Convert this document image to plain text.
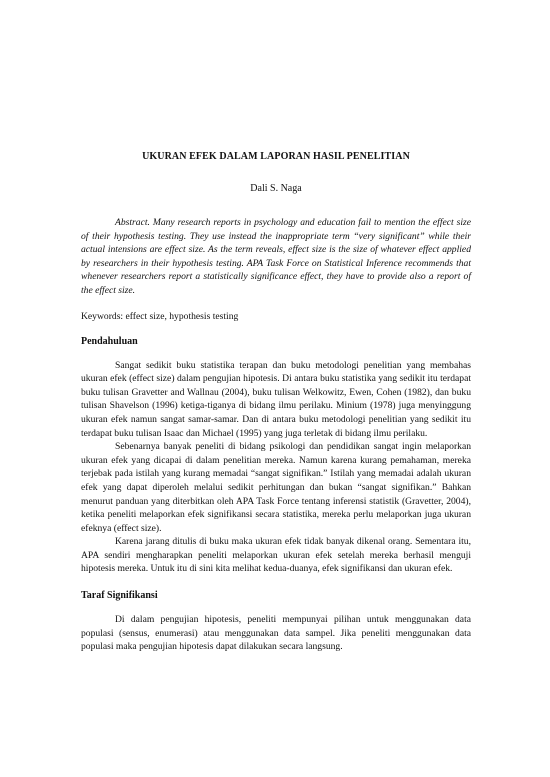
UKURAN EFEK DALAM LAPORAN HASIL PENELITIAN

Dali S. Naga

Abstract. Many research reports in psychology and education fail to mention the effect size of their hypothesis testing. They use instead the inappropriate term “very significant” while their actual intensions are effect size. As the term reveals, effect size is the size of whatever effect applied by researchers in their hypothesis testing. APA Task Force on Statistical Inference recommends that whenever researchers report a statistically significance effect, they have to provide also a report of the effect size.

Keywords: effect size, hypothesis testing

Pendahuluan

Sangat sedikit buku statistika terapan dan buku metodologi penelitian yang membahas ukuran efek (effect size) dalam pengujian hipotesis. Di antara buku statistika yang sedikit itu terdapat buku tulisan Gravetter and Wallnau (2004), buku tulisan Welkowitz, Ewen, Cohen (1982), dan buku tulisan Shavelson (1996) ketiga-tiganya di bidang ilmu perilaku. Minium (1978) juga menyinggung ukuran efek namun sangat samar-samar. Dan di antara buku metodologi penelitian yang sedikit itu terdapat buku tulisan Isaac dan Michael (1995) yang juga terletak di bidang ilmu perilaku.

Sebenarnya banyak peneliti di bidang psikologi dan pendidikan sangat ingin melaporkan ukuran efek yang dicapai di dalam penelitian mereka. Namun karena kurang pemahaman, mereka terjebak pada istilah yang kurang memadai “sangat signifikan.” Istilah yang memadai adalah ukuran efek yang dapat diperoleh melalui sedikit perhitungan dan bukan “sangat signifikan.” Bahkan menurut panduan yang diterbitkan oleh APA Task Force tentang inferensi statistik (Gravetter, 2004), ketika peneliti melaporkan efek signifikansi secara statistika, mereka perlu melaporkan juga ukuran efeknya (effect size).

Karena jarang ditulis di buku maka ukuran efek tidak banyak dikenal orang. Sementara itu, APA sendiri mengharapkan peneliti melaporkan ukuran efek setelah mereka berhasil menguji hipotesis mereka. Untuk itu di sini kita melihat kedua-duanya, efek signifikansi dan ukuran efek.

Taraf Signifikansi

Di dalam pengujian hipotesis, peneliti mempunyai pilihan untuk menggunakan data populasi (sensus, enumerasi) atau menggunakan data sampel. Jika peneliti menggunakan data populasi maka pengujian hipotesis dapat dilakukan secara langsung.
